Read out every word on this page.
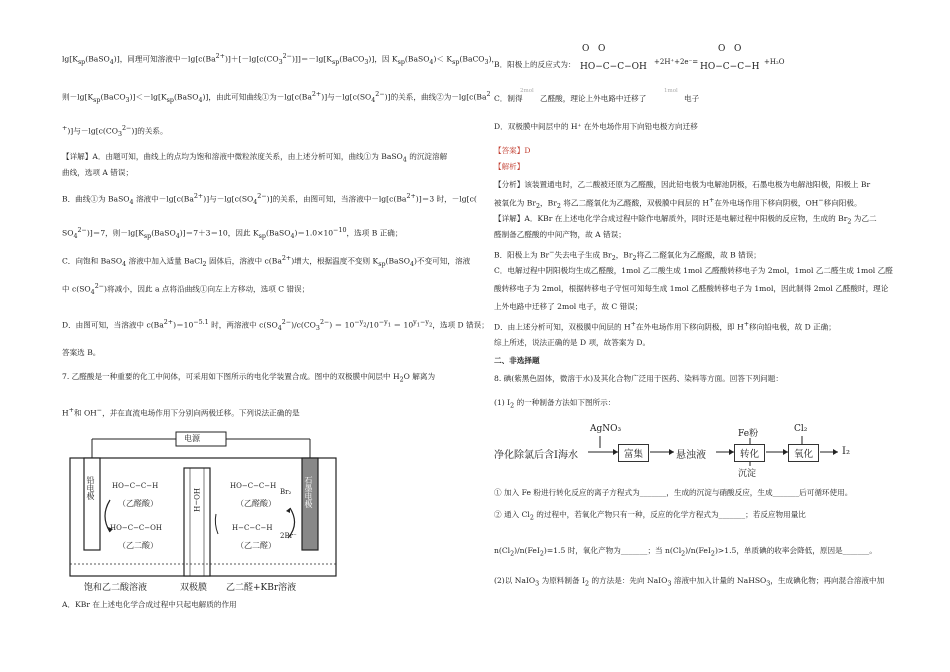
$\lg[K_{sp}(BaSO_4)]$，同理可知溶液中$-\lg[c(Ba^{2+})]+[-\lg[c(CO_3^{2-})]]=-\lg[K_{sp}(BaCO_3)]$，因 $K_{sp}(BaSO_4)<$ $K_{sp}(BaCO_3)$，
则$-\lg[K_{sp}(BaCO_3)]<-\lg[K_{sp}(BaSO_4)]$，由此可知曲线①为$-\lg[c(Ba^{2+})]$与$-\lg[c(SO_4^{2-})]$的关系，曲线②为$-\lg[c(Ba^2$
+)]与$-\lg[c(CO_3^{2-})]$的关系。
【详解】A．由题可知，曲线上的点均为饱和溶液中微粒浓度关系，由上述分析可知，曲线①为 BaSO$_4$ 的沉淀溶解
曲线，选项 A 错误；
B．曲线①为 BaSO$_4$ 溶液中$-\lg[c(Ba^{2+})]$与$-\lg[c(SO_4^{2-})]$的关系，由图可知，当溶液中$-\lg[c(Ba^{2+})]=3$ 时，－lg[c(
$SO_4^{2-})]=7$，则$-\lg[K_{sp}(BaSO_4)]=7+3=10$，因此 $K_{sp}(BaSO_4)=1.0\times 10^{-10}$，选项 B 正确；
C．向饱和 BaSO$_4$ 溶液中加入适量 BaCl$_2$ 固体后，溶液中 $c(Ba^{2+})$增大，根据温度不变则 $K_{sp}(BaSO_4)$不变可知，溶液
中 $c(SO_4^{2-})$将减小，因此 a 点将沿曲线①向左上方移动，选项 C 错误；
D．由图可知，当溶液中 $c(Ba^{2+})=10^{-5.1}$ 时，两溶液中 $c(SO_4^{2-})/c(CO_3^{2-}) = 10^{-y_2}/10^{-y_1} = 10^{y_1-y_2}$，选项 D 错误；
答案选 B。
7. 乙醛酸是一种重要的化工中间体，可采用如下图所示的电化学装置合成。图中的双极膜中间层中 $H_2O$ 解离为
H+和 OH−，并在直流电场作用下分别向两极迁移。下列说法正确的是
电源
铅电极	石墨电极
HO−H
HO−C−C−H
（乙醛酸）
HO−C−C−OH
（乙二酸）
HO−C−C−H
（乙醛酸）
H−C−C−H
（乙二醛）
Br₂
2Br⁻
饱和乙二酸溶液	双极膜 乙二醛+KBr溶液
A．KBr 在上述电化学合成过程中只起电解质的作用
B．阳极上的反应式为：
O   O
HO−C−C−OH +2H⁺+2e⁻=
O   O
HO−C−C−H +H₂O
C．制得
2mol
乙醛酸，理论上外电路中迁移了
1mol
电子
D．双极膜中间层中的 H⁺ 在外电场作用下向铅电极方向迁移
【答案】D
【解析】
【分析】该装置通电时，乙二酸被还原为乙醛酸，因此铅电极为电解池阴极，石墨电极为电解池阳极，阳极上 Br
被氧化为 $Br_2$，$Br_2$ 将乙二醛氧化为乙醛酸，双极膜中间层的 H+在外电场作用下移向阴极，OH−移向阳极。
【详解】A．KBr 在上述电化学合成过程中除作电解质外，同时还是电解过程中阳极的反应物，生成的 $Br_2$ 为乙二
醛制备乙醛酸的中间产物，故 A 错误；
B．阳极上为 Br−失去电子生成 $Br_2$，$Br_2$将乙二醛氧化为乙醛酸，故 B 错误；
C．电解过程中阴阳极均生成乙醛酸，1mol 乙二酸生成 1mol 乙醛酸转移电子为 2mol，1mol 乙二醛生成 1mol 乙醛
酸转移电子为 2mol，根据转移电子守恒可知每生成 1mol 乙醛酸转移电子为 1mol，因此制得 2mol 乙醛酸时，理论
上外电路中迁移了 2mol 电子，故 C 错误；
D．由上述分析可知，双极膜中间层的 H+在外电场作用下移向阴极，即 H+移向铅电极，故 D 正确；
综上所述，说法正确的是 D 项，故答案为 D。
二、非选择题
8. 碘(紫黑色固体，微溶于水)及其化合物广泛用于医药、染料等方面。回答下列问题：
(1) $I_2$ 的一种制备方法如下图所示：
净化除氯后含I海水
AgNO₃
富集	悬浊液
Fe粉
转化
沉淀
Cl₂
氧化	I₂
① 加入 Fe 粉进行转化反应的离子方程式为_______，生成的沉淀与硝酸反应，生成_______后可循环使用。
② 通入 $Cl_2$ 的过程中，若氧化产物只有一种，反应的化学方程式为_______；若反应物用量比
$n(Cl_2)/n(FeI_2)=1.5$ 时，氧化产物为_______；当 $n(Cl_2)/n(FeI_2)>1.5$，单质碘的收率会降低，原因是_______。
(2)以 NaIO$_3$ 为原料制备 $I_2$ 的方法是：先向 NaIO$_3$ 溶液中加入计量的 NaHSO$_3$，生成碘化物；再向混合溶液中加
